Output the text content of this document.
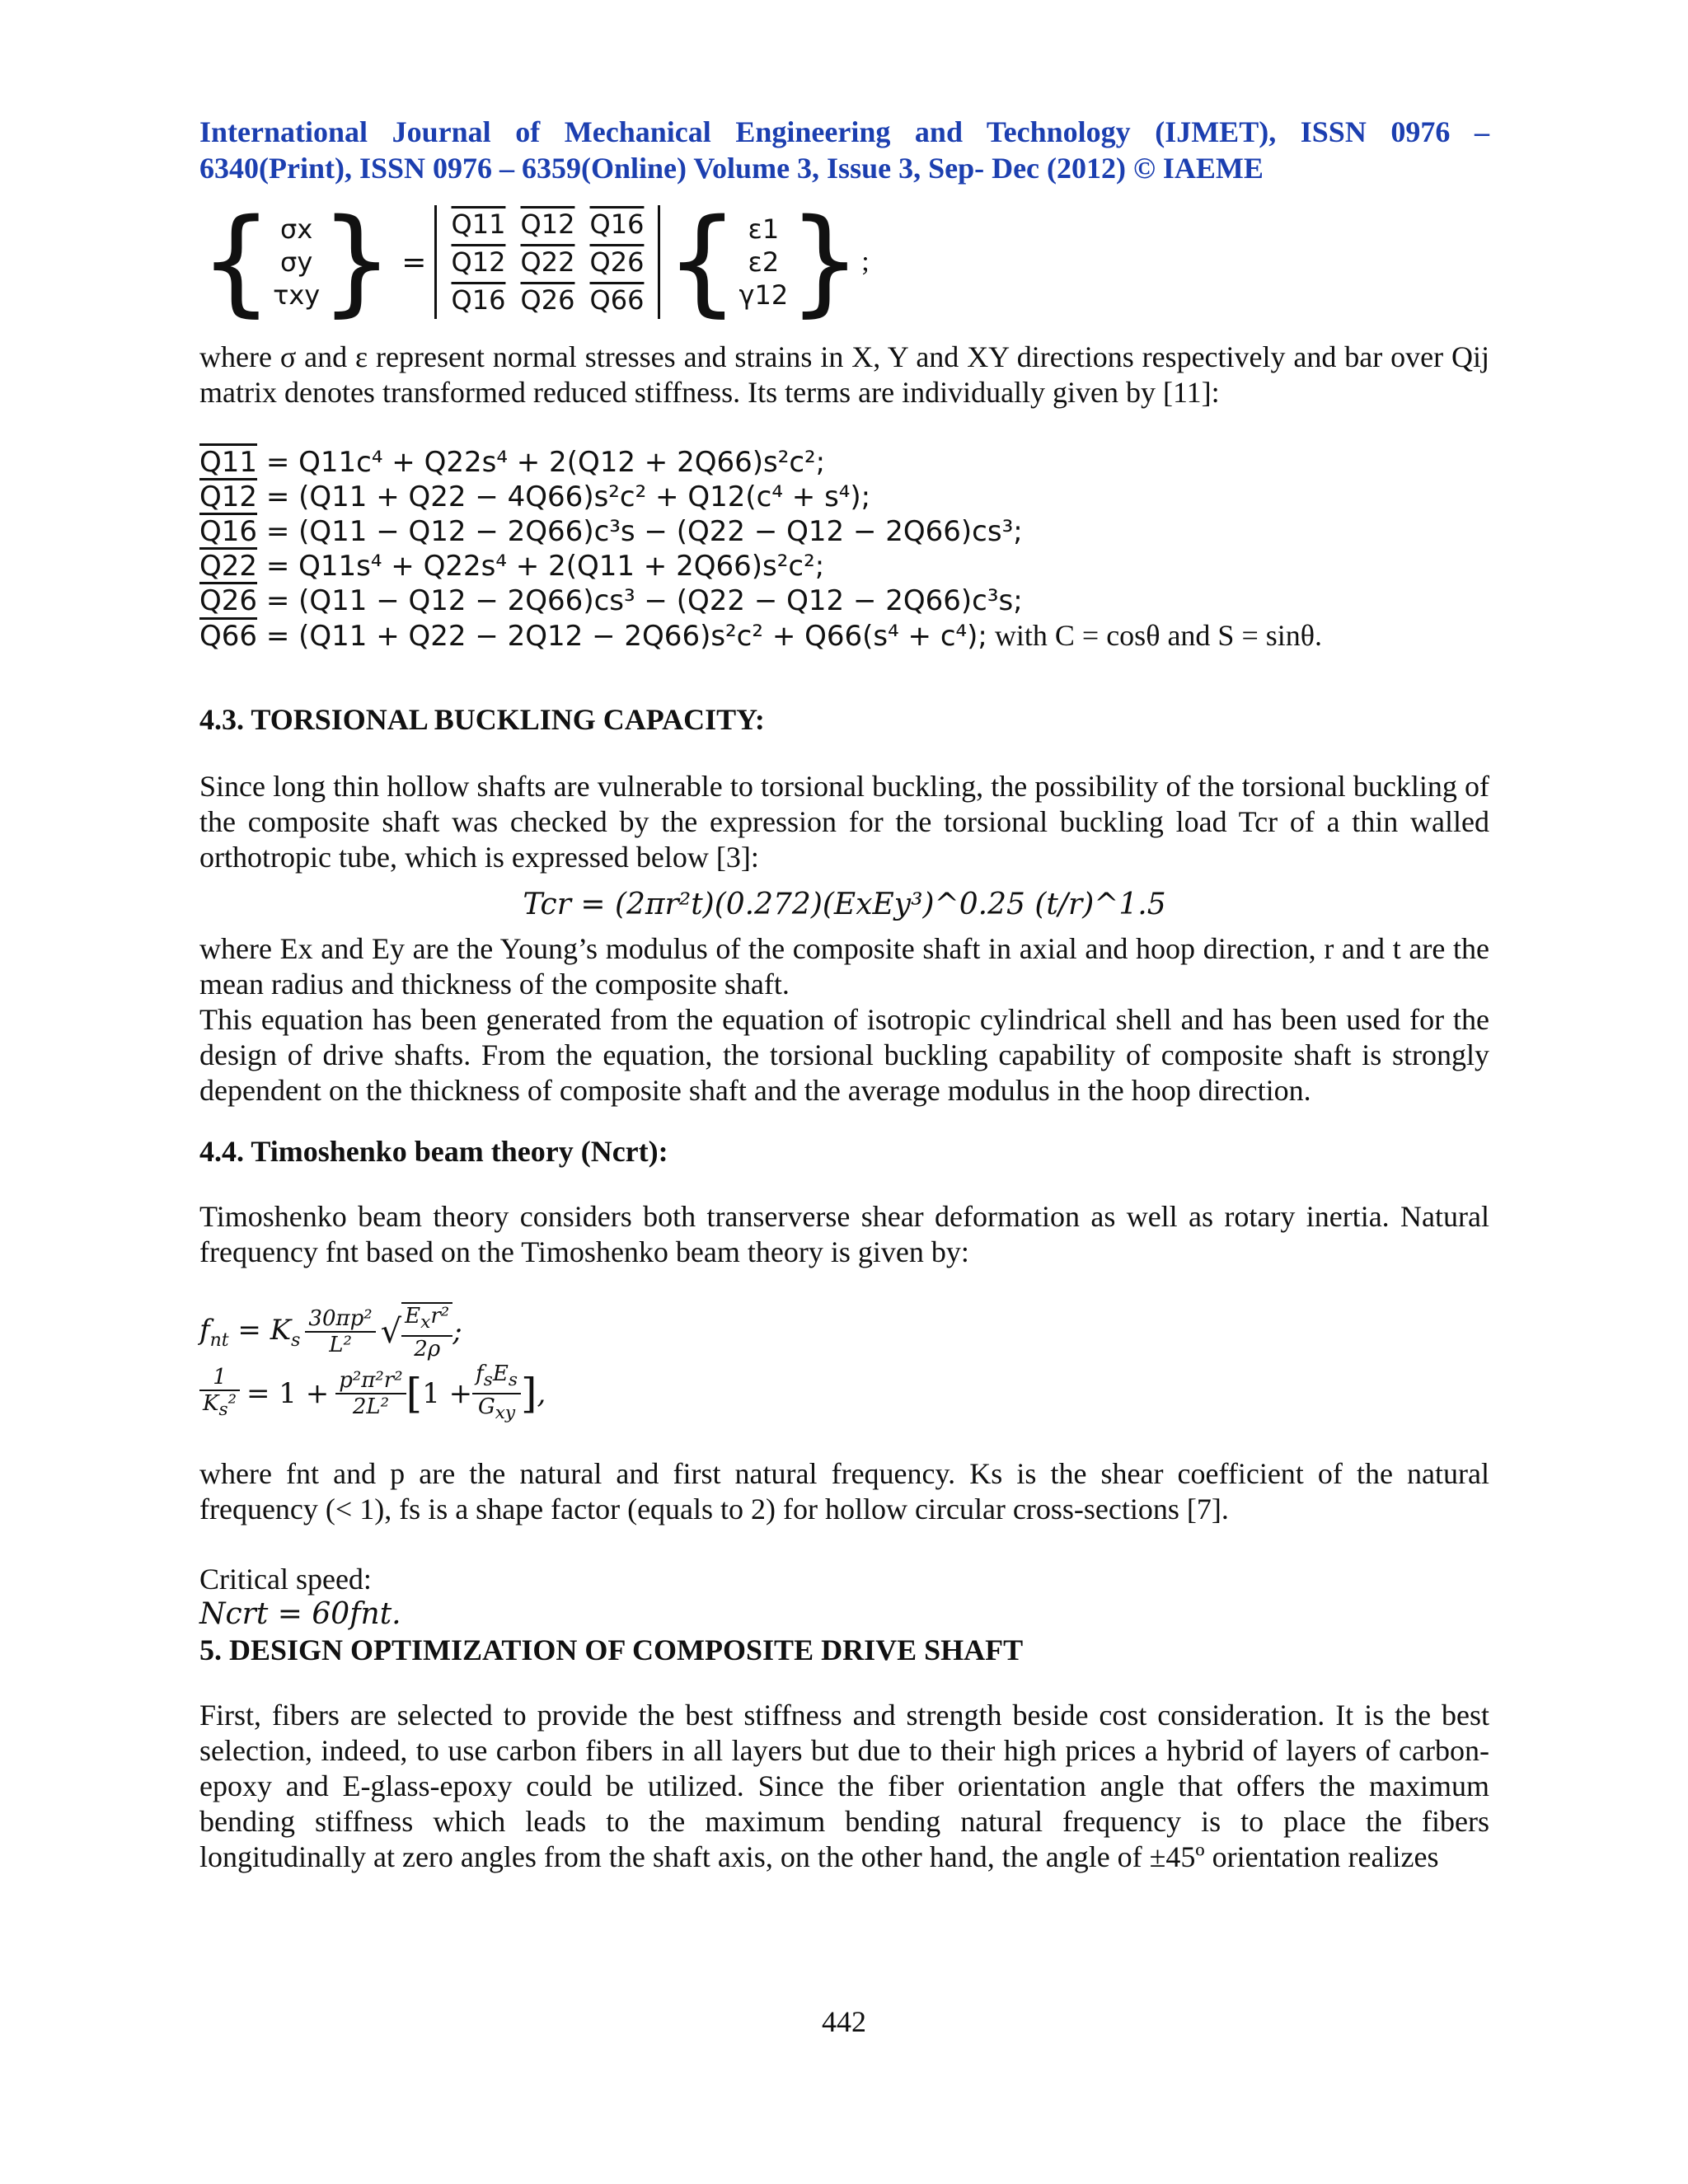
International Journal of Mechanical Engineering and Technology (IJMET), ISSN 0976 –
6340(Print), ISSN 0976 – 6359(Online) Volume 3, Issue 3, Sep- Dec (2012) © IAEME
{ σx
σy
τxy } =
Q11 Q12 Q16
Q12 Q22 Q26
Q16 Q26 Q66 { ε1
ε2
γ12 } ;

where σ and ε represent normal stresses and strains in X, Y and XY directions respectively and bar over Qij matrix denotes transformed reduced stiffness. Its terms are individually given by [11]:

Q11 = Q11c⁴ + Q22s⁴ + 2(Q12 + 2Q66)s²c²;
Q12 = (Q11 + Q22 − 4Q66)s²c² + Q12(c⁴ + s⁴);
Q16 = (Q11 − Q12 − 2Q66)c³s − (Q22 − Q12 − 2Q66)cs³;
Q22 = Q11s⁴ + Q22s⁴ + 2(Q11 + 2Q66)s²c²;
Q26 = (Q11 − Q12 − 2Q66)cs³ − (Q22 − Q12 − 2Q66)c³s;
Q66 = (Q11 + Q22 − 2Q12 − 2Q66)s²c² + Q66(s⁴ + c⁴); with C = cosθ and S = sinθ.
4.3. TORSIONAL BUCKLING CAPACITY:

Since long thin hollow shafts are vulnerable to torsional buckling, the possibility of the torsional buckling of the composite shaft was checked by the expression for the torsional buckling load Tcr of a thin walled orthotropic tube, which is expressed below [3]:

Tcr = (2πr²t)(0.272)(ExEy³)^0.25 (t/r)^1.5

where Ex and Ey are the Young’s modulus of the composite shaft in axial and hoop direction, r and t are the mean radius and thickness of the composite shaft.

This equation has been generated from the equation of isotropic cylindrical shell and has been used for the design of drive shafts. From the equation, the torsional buckling capability of composite shaft is strongly dependent on the thickness of composite shaft and the average modulus in the hoop direction.

4.4. Timoshenko beam theory (Ncrt):

Timoshenko beam theory considers both transerverse shear deformation as well as rotary inertia. Natural frequency fnt based on the Timoshenko beam theory is given by:

$f_{nt} = K_s \frac{\text{30πp²}}{\text{L²}}$ √ $\frac{E_xr^2}{2\rho}$ ;
$\frac{1}{K_s^2} = 1 + \frac{\text{p²π²r²}}{\text{2L²}}$ [ $1 + \frac{f_sE_s}{G_{xy}}$ ] ,

where fnt and p are the natural and first natural frequency. Ks is the shear coefficient of the natural frequency (< 1), fs is a shape factor (equals to 2) for hollow circular cross-sections [7].

Critical speed:

Ncrt = 60fnt.

5. DESIGN OPTIMIZATION OF COMPOSITE DRIVE SHAFT

First, fibers are selected to provide the best stiffness and strength beside cost consideration. It is the best selection, indeed, to use carbon fibers in all layers but due to their high prices a hybrid of layers of carbon-epoxy and E-glass-epoxy could be utilized. Since the fiber orientation angle that offers the maximum bending stiffness which leads to the maximum bending natural frequency is to place the fibers longitudinally at zero angles from the shaft axis, on the other hand, the angle of ±45º orientation realizes

442
